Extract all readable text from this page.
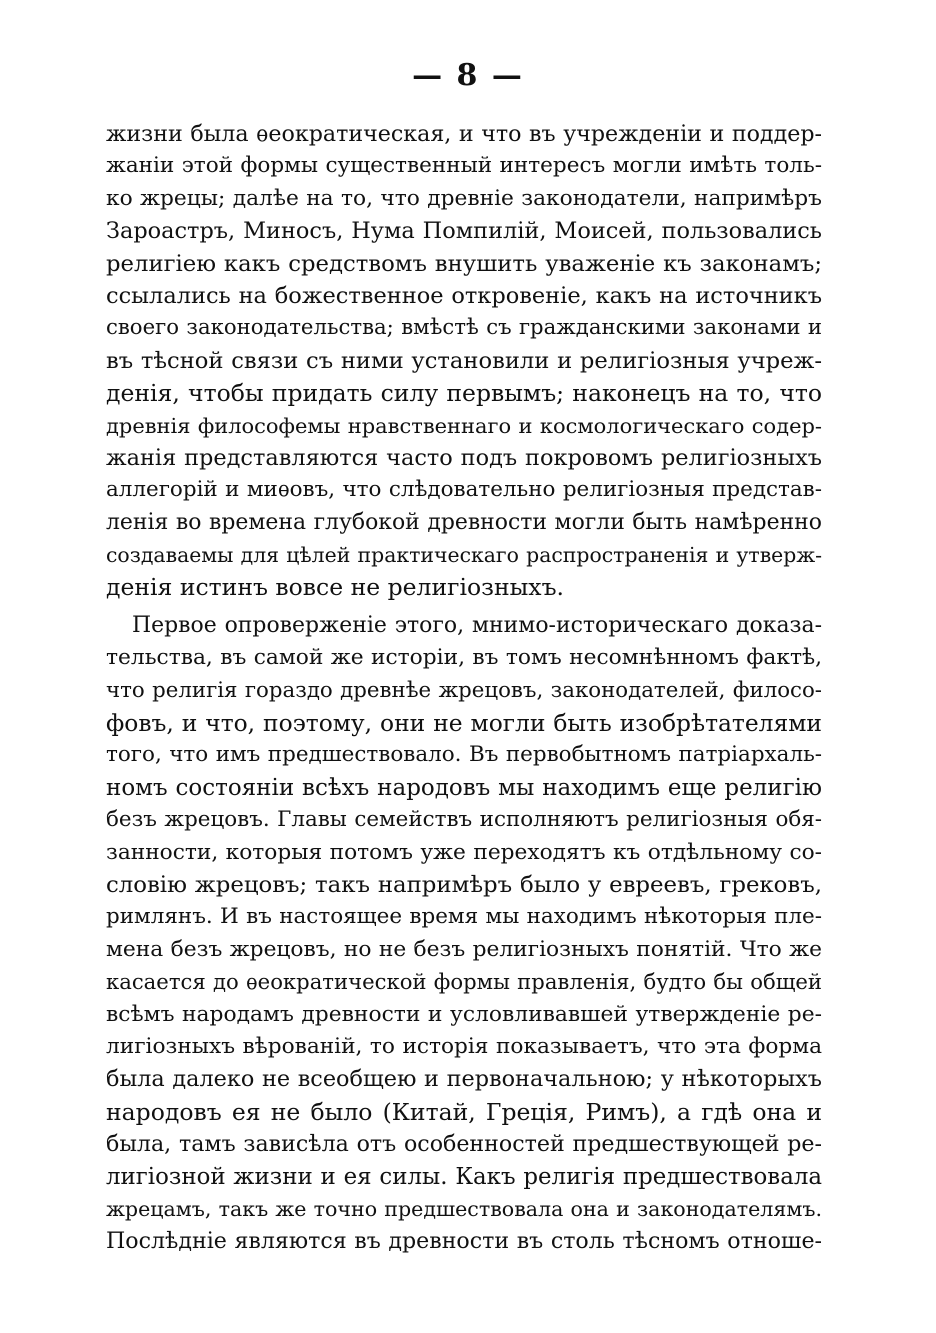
— 8 —
жизни была ѳеократическая, и что въ учрежденіи и поддер-
жаніи этой формы существенный интересъ могли имѣть толь-
ко жрецы; далѣе на то, что древніе законодатели, напримѣръ
Зароастръ, Миносъ, Нума Помпилій, Моисей, пользовались
религіею какъ средствомъ внушить уваженіе къ законамъ;
ссылались на божественное откровеніе, какъ на источникъ
своего законодательства; вмѣстѣ съ гражданскими законами и
въ тѣсной связи съ ними установили и религіозныя учреж-
денія, чтобы придать силу первымъ; наконецъ на то, что
древнія философемы нравственнаго и космологическаго содер-
жанія представляются часто подъ покровомъ религіозныхъ
аллегорій и миѳовъ, что слѣдовательно религіозныя представ-
ленія во времена глубокой древности могли быть намѣренно
создаваемы для цѣлей практическаго распространенія и утверж-
денія истинъ вовсе не религіозныхъ.
Первое опроверженіе этого, мнимо-историческаго доказа-
тельства, въ самой же исторіи, въ томъ несомнѣнномъ фактѣ,
что религія гораздо древнѣе жрецовъ, законодателей, филосо-
фовъ, и что, поэтому, они не могли быть изобрѣтателями
того, что имъ предшествовало. Въ первобытномъ патріархаль-
номъ состояніи всѣхъ народовъ мы находимъ еще религію
безъ жрецовъ. Главы семействъ исполняютъ религіозныя обя-
занности, которыя потомъ уже переходятъ къ отдѣльному со-
словію жрецовъ; такъ напримѣръ было у евреевъ, грековъ,
римлянъ. И въ настоящее время мы находимъ нѣкоторыя пле-
мена безъ жрецовъ, но не безъ религіозныхъ понятій. Что же
касается до ѳеократической формы правленія, будто бы общей
всѣмъ народамъ древности и условливавшей утвержденіе ре-
лигіозныхъ вѣрованій, то исторія показываетъ, что эта форма
была далеко не всеобщею и первоначальною; у нѣкоторыхъ
народовъ ея не было (Китай, Греція, Римъ), а гдѣ она и
была, тамъ зависѣла отъ особенностей предшествующей ре-
лигіозной жизни и ея силы. Какъ религія предшествовала
жрецамъ, такъ же точно предшествовала она и законодателямъ.
Послѣдніе являются въ древности въ столь тѣсномъ отноше-
